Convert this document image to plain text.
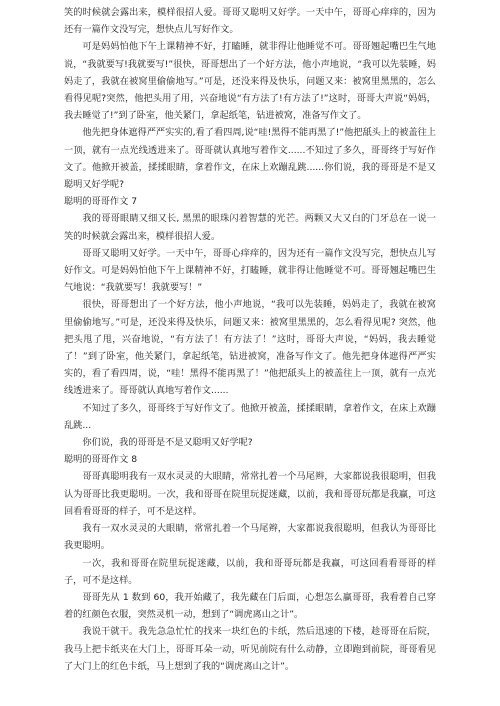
笑的时候就会露出来，模样很招人爱。哥哥又聪明又好学。一天中午，哥哥心痒痒的，因为还有一篇作文没写完，想快点儿写好作文。

可是妈妈怕他下午上课精神不好，打瞌睡，就非得让他睡觉不可。哥哥翘起嘴巴生气地说，“我就要写!我就要写!”很快，哥哥想出了一个好方法，他小声地说，“我可以先装睡，妈妈走了，我就在被窝里偷偷地写。”可是，还没来得及快乐，问题又来：被窝里黑黑的，怎么看得见呢?突然，他把头用了用，兴奋地说“有方法了!有方法了!”这时，哥哥大声说“妈妈，我去睡觉了!”到了卧室，他关紧门，拿起纸笔，钻进被窝，准备写作文了。

他先把身体遮得严严实实的,看了看四周,说“哇!黑得不能再黑了!”他把舐头上的被盖往上一顶，就有一点光线透进来了。哥哥就认真地写着作文......不知过了多久，哥哥终于写好作文了。他掀开被盖，揉揉眼睛，拿着作文，在床上欢蹦乱跳......你们说，我的哥哥是不是又聪明又好学呢?

聪明的哥哥作文 7

我的哥哥眼睛又细又长, 黑黑的眼珠闪着智慧的光芒。两颗又大又白的门牙总在一说一笑的时候就会露出来，模样很招人爱。

哥哥又聪明又好学。一天中午，哥哥心痒痒的，因为还有一篇作文没写完，想快点儿写好作文。可是妈妈怕他下午上课精神不好，打瞌睡，就非得让他睡觉不可。哥哥翘起嘴巴生气地说：“我就要写！我就要写！”

很快，哥哥想出了一个好方法，他小声地说，“我可以先装睡，妈妈走了，我就在被窝里偷偷地写。”可是，还没来得及快乐，问题又来：被窝里黑黑的，怎么看得见呢? 突然，他把头甩了甩，兴奋地说，“有方法了！有方法了！”这时，哥哥大声说，“妈妈，我去睡觉了！”到了卧室，他关紧门，拿起纸笔，钻进被窝，准备写作文了。他先把身体遮得严严实实的，看了看四周，说，“哇！黑得不能再黑了！”他把舐头上的被盖往上一顶，就有一点光线透进来了。哥哥就认真地写着作文......

不知过了多久，哥哥终于写好作文了。他掀开被盖，揉揉眼睛，拿着作文，在床上欢蹦乱跳...

你们说，我的哥哥是不是又聪明又好学呢?

聪明的哥哥作文 8

哥哥真聪明我有一双水灵灵的大眼睛，常常扎着一个马尾辫，大家都说我很聪明，但我认为哥哥比我更聪明。一次，我和哥哥在院里玩捉迷藏，以前，我和哥哥玩都是我赢，可这回看看哥哥的样子，可不是这样。

我有一双水灵灵的大眼睛，常常扎着一个马尾辫，大家都说我很聪明，但我认为哥哥比我更聪明。

一次，我和哥哥在院里玩捉迷藏，以前，我和哥哥玩都是我赢，可这回看看哥哥的样子，可不是这样。

哥哥先从 1 数到 60，我开始藏了，我先藏在门后面，心想怎么赢哥哥，我看着自己穿着的红颜色衣服，突然灵机一动，想到了“调虎离山之计”。

我说干就干。我先急急忙忙的找来一块红色的卡纸，然后迅速的下楼，趁哥哥在后院，我马上把卡纸夹在大门上，哥哥耳朵一动，听见前院有什么动静，立即跑到前院，哥哥看见了大门上的红色卡纸，马上想到了我的“调虎离山之计”。
